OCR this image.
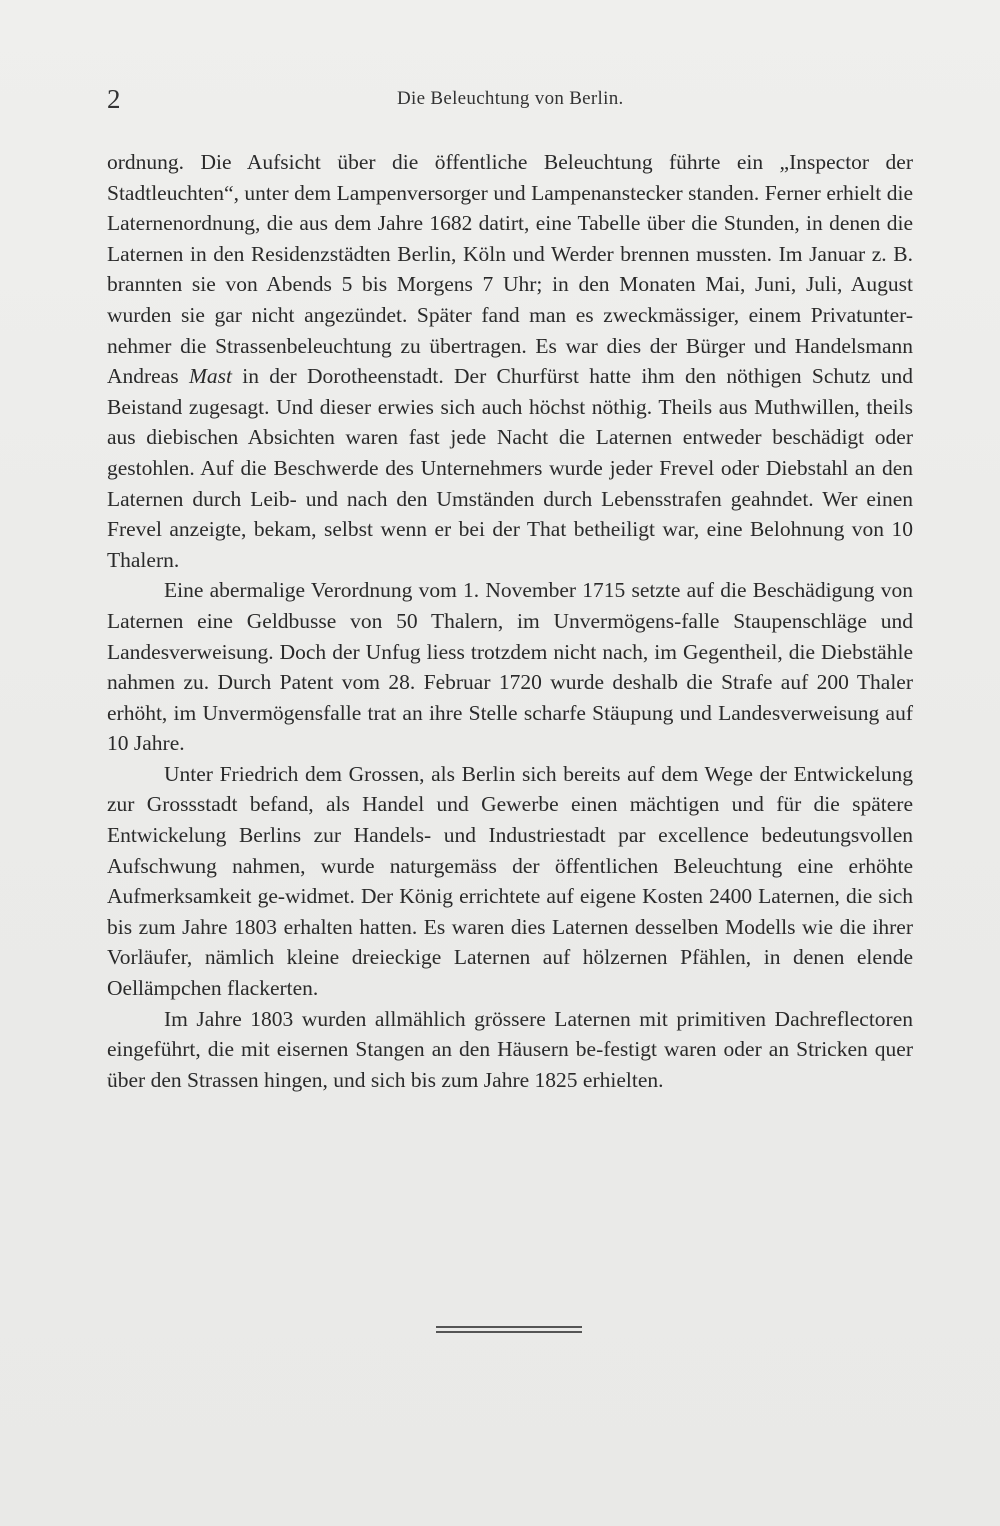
2	Die Beleuchtung von Berlin.

ordnung. Die Aufsicht über die öffentliche Beleuchtung führte ein „Inspector der Stadtleuchten“, unter dem Lampenversorger und Lampenanstecker standen. Ferner erhielt die Laternenordnung, die aus dem Jahre 1682 datirt, eine Tabelle über die Stunden, in denen die Laternen in den Residenzstädten Berlin, Köln und Werder brennen mussten. Im Januar z. B. brannten sie von Abends 5 bis Morgens 7 Uhr; in den Monaten Mai, Juni, Juli, August wurden sie gar nicht angezündet. Später fand man es zweckmässiger, einem Privatunter-nehmer die Strassenbeleuchtung zu übertragen. Es war dies der Bürger und Handelsmann Andreas Mast in der Dorotheenstadt. Der Churfürst hatte ihm den nöthigen Schutz und Beistand zugesagt. Und dieser erwies sich auch höchst nöthig. Theils aus Muthwillen, theils aus diebischen Absichten waren fast jede Nacht die Laternen entweder beschädigt oder gestohlen. Auf die Beschwerde des Unternehmers wurde jeder Frevel oder Diebstahl an den Laternen durch Leib- und nach den Umständen durch Lebensstrafen geahndet. Wer einen Frevel anzeigte, bekam, selbst wenn er bei der That betheiligt war, eine Belohnung von 10 Thalern.

Eine abermalige Verordnung vom 1. November 1715 setzte auf die Beschädigung von Laternen eine Geldbusse von 50 Thalern, im Unvermögens-falle Staupenschläge und Landesverweisung. Doch der Unfug liess trotzdem nicht nach, im Gegentheil, die Diebstähle nahmen zu. Durch Patent vom 28. Februar 1720 wurde deshalb die Strafe auf 200 Thaler erhöht, im Unvermögensfalle trat an ihre Stelle scharfe Stäupung und Landesverweisung auf 10 Jahre.

Unter Friedrich dem Grossen, als Berlin sich bereits auf dem Wege der Entwickelung zur Grossstadt befand, als Handel und Gewerbe einen mächtigen und für die spätere Entwickelung Berlins zur Handels- und Industriestadt par excellence bedeutungsvollen Aufschwung nahmen, wurde naturgemäss der öffentlichen Beleuchtung eine erhöhte Aufmerksamkeit ge-widmet. Der König errichtete auf eigene Kosten 2400 Laternen, die sich bis zum Jahre 1803 erhalten hatten. Es waren dies Laternen desselben Modells wie die ihrer Vorläufer, nämlich kleine dreieckige Laternen auf hölzernen Pfählen, in denen elende Oellämpchen flackerten.

Im Jahre 1803 wurden allmählich grössere Laternen mit primitiven Dachreflectoren eingeführt, die mit eisernen Stangen an den Häusern be-festigt waren oder an Stricken quer über den Strassen hingen, und sich bis zum Jahre 1825 erhielten.
